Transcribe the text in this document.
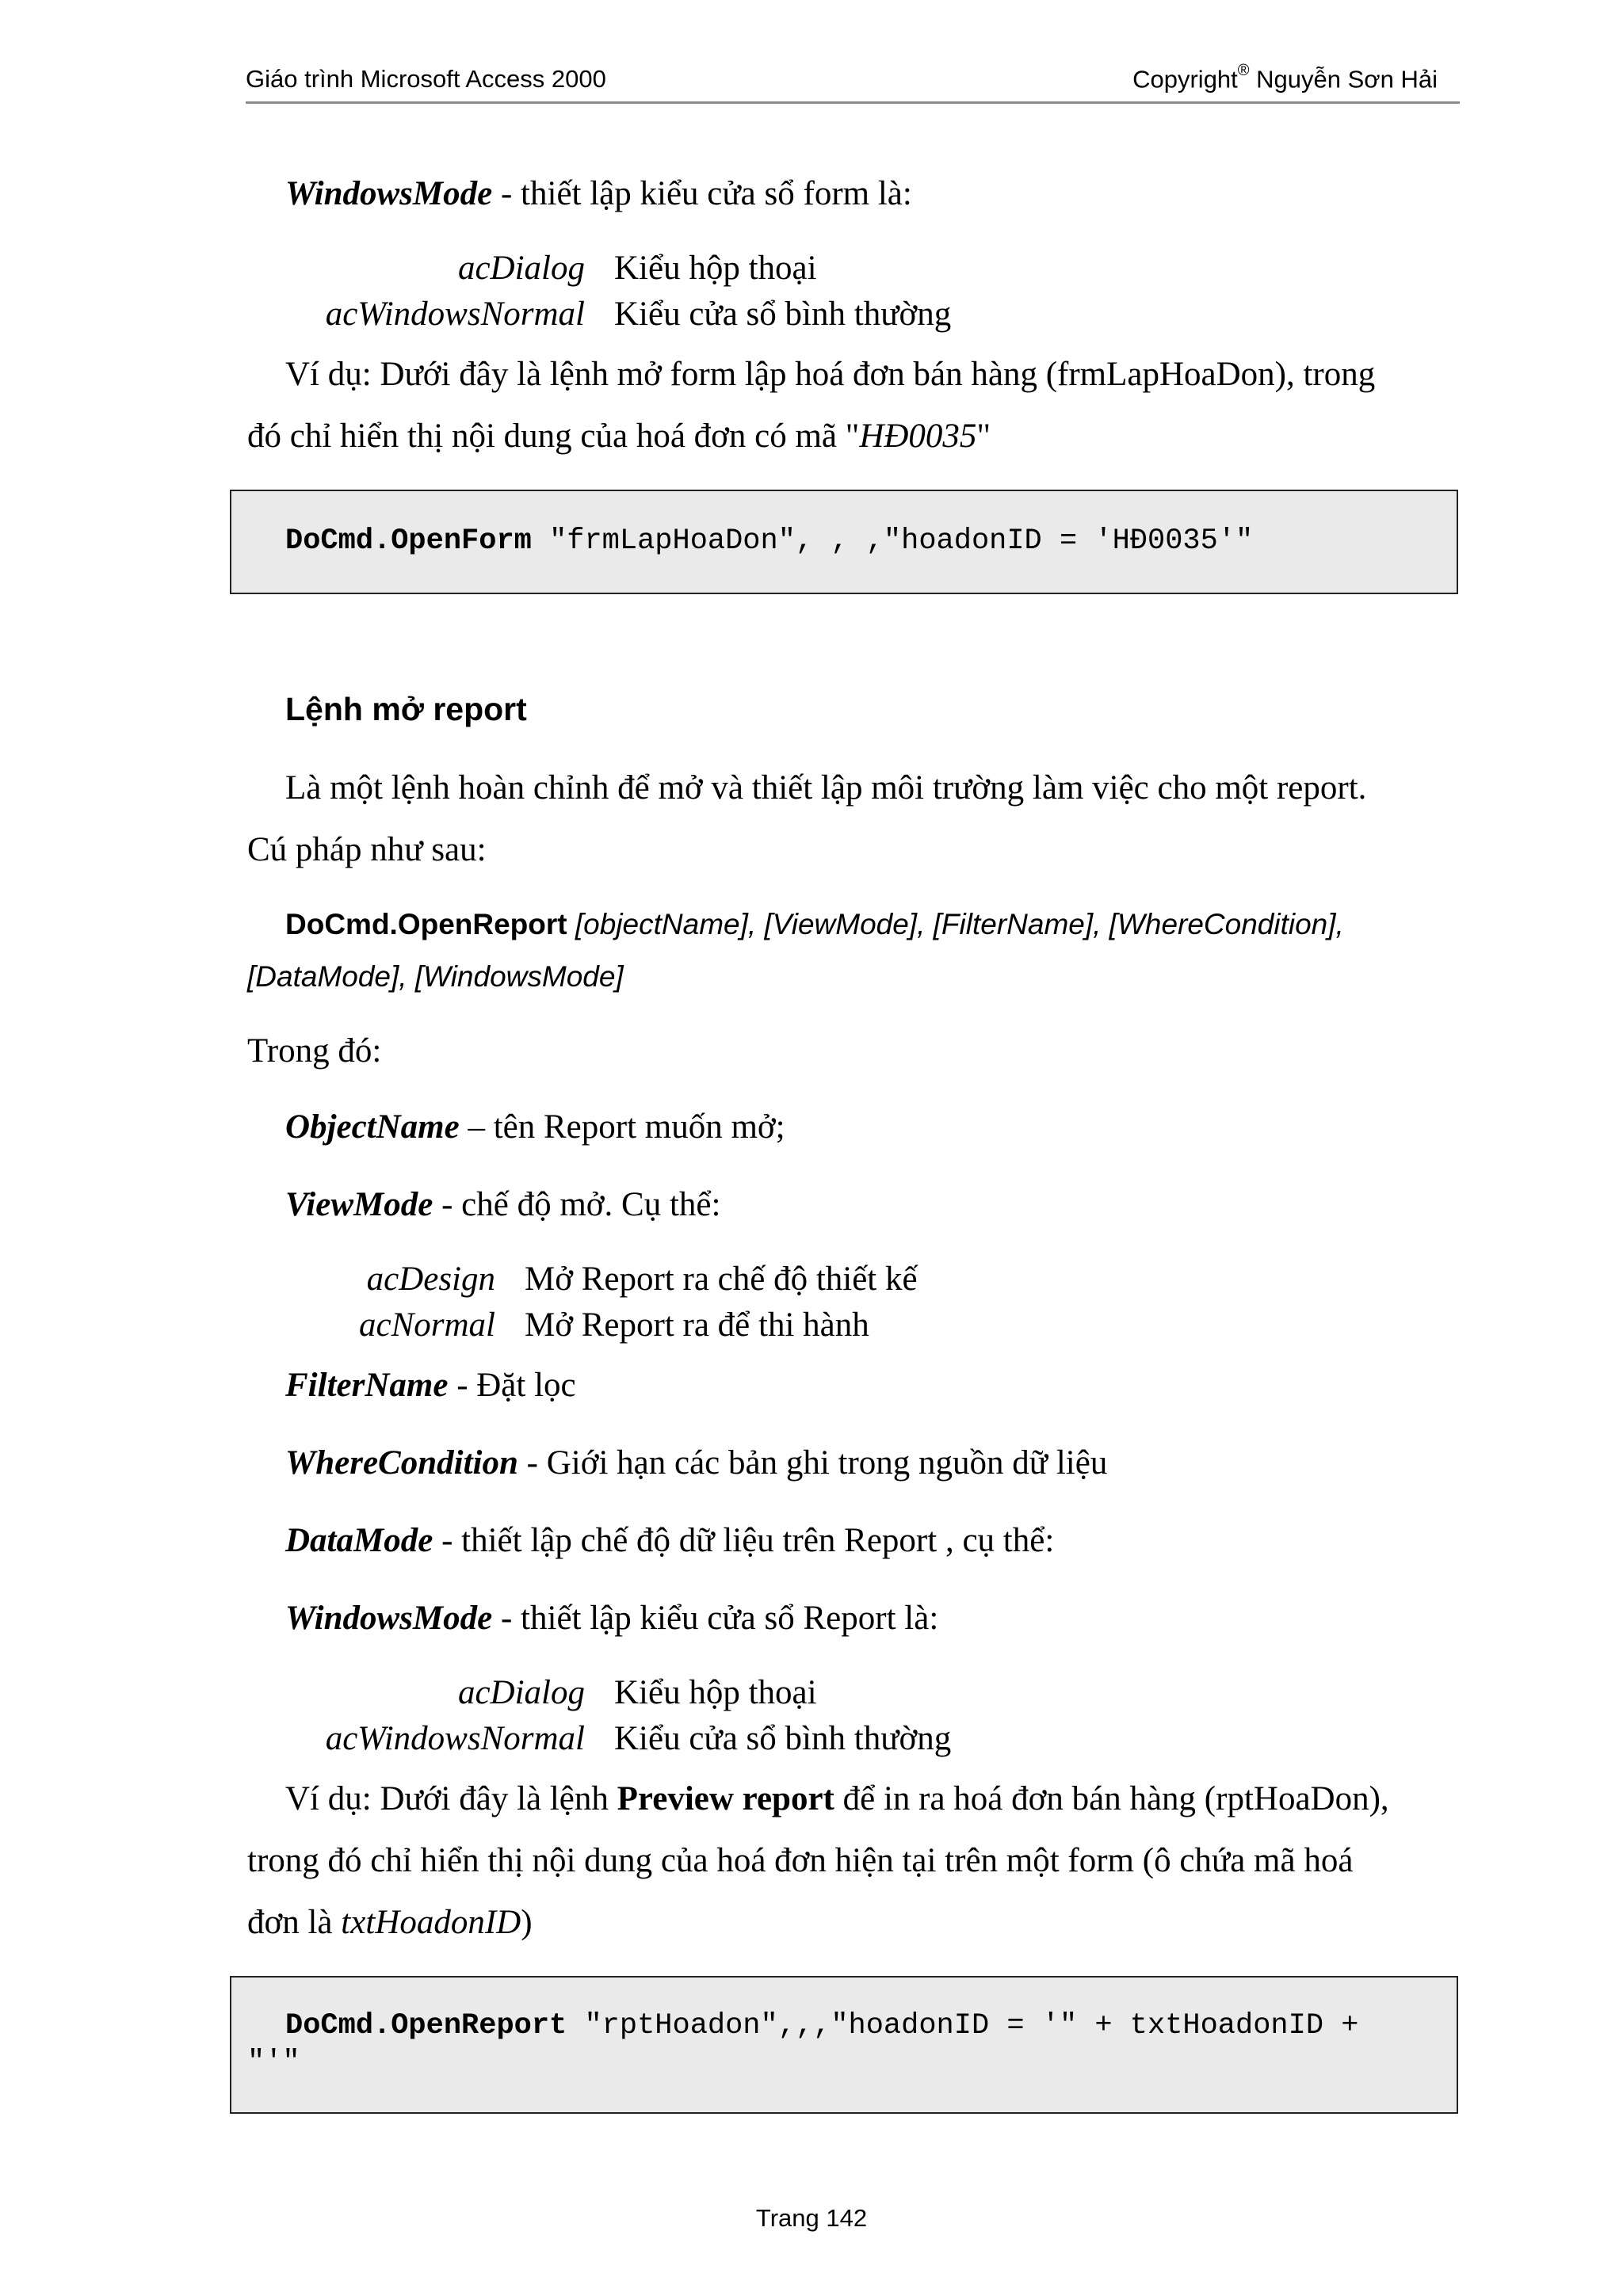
Giáo trình Microsoft Access 2000	Copyright® Nguyễn Sơn Hải
WindowsMode - thiết lập kiểu cửa sổ form là:
acDialog Kiểu hộp thoại
acWindowsNormal Kiểu cửa sổ bình thường
Ví dụ: Dưới đây là lệnh mở form lập hoá đơn bán hàng (frmLapHoaDon), trong
đó chỉ hiển thị nội dung của hoá đơn có mã "HĐ0035"
DoCmd.OpenForm "frmLapHoaDon", , ,"hoadonID = 'HĐ0035'"
Lệnh mở report
Là một lệnh hoàn chỉnh để mở và thiết lập môi trường làm việc cho một report.
Cú pháp như sau:
DoCmd.OpenReport [objectName], [ViewMode], [FilterName], [WhereCondition],
[DataMode], [WindowsMode]
Trong đó:
ObjectName – tên Report muốn mở;
ViewMode - chế độ mở. Cụ thể:
acDesign Mở Report ra chế độ thiết kế
acNormal Mở Report ra để thi hành
FilterName - Đặt lọc
WhereCondition - Giới hạn các bản ghi trong nguồn dữ liệu
DataMode - thiết lập chế độ dữ liệu trên Report , cụ thể:
WindowsMode - thiết lập kiểu cửa sổ Report là:
acDialog Kiểu hộp thoại
acWindowsNormal Kiểu cửa sổ bình thường
Ví dụ: Dưới đây là lệnh Preview report để in ra hoá đơn bán hàng (rptHoaDon),
trong đó chỉ hiển thị nội dung của hoá đơn hiện tại trên một form (ô chứa mã hoá
đơn là txtHoadonID)
DoCmd.OpenReport "rptHoadon",,,"hoadonID = '" + txtHoadonID +
"'"
Trang 142
